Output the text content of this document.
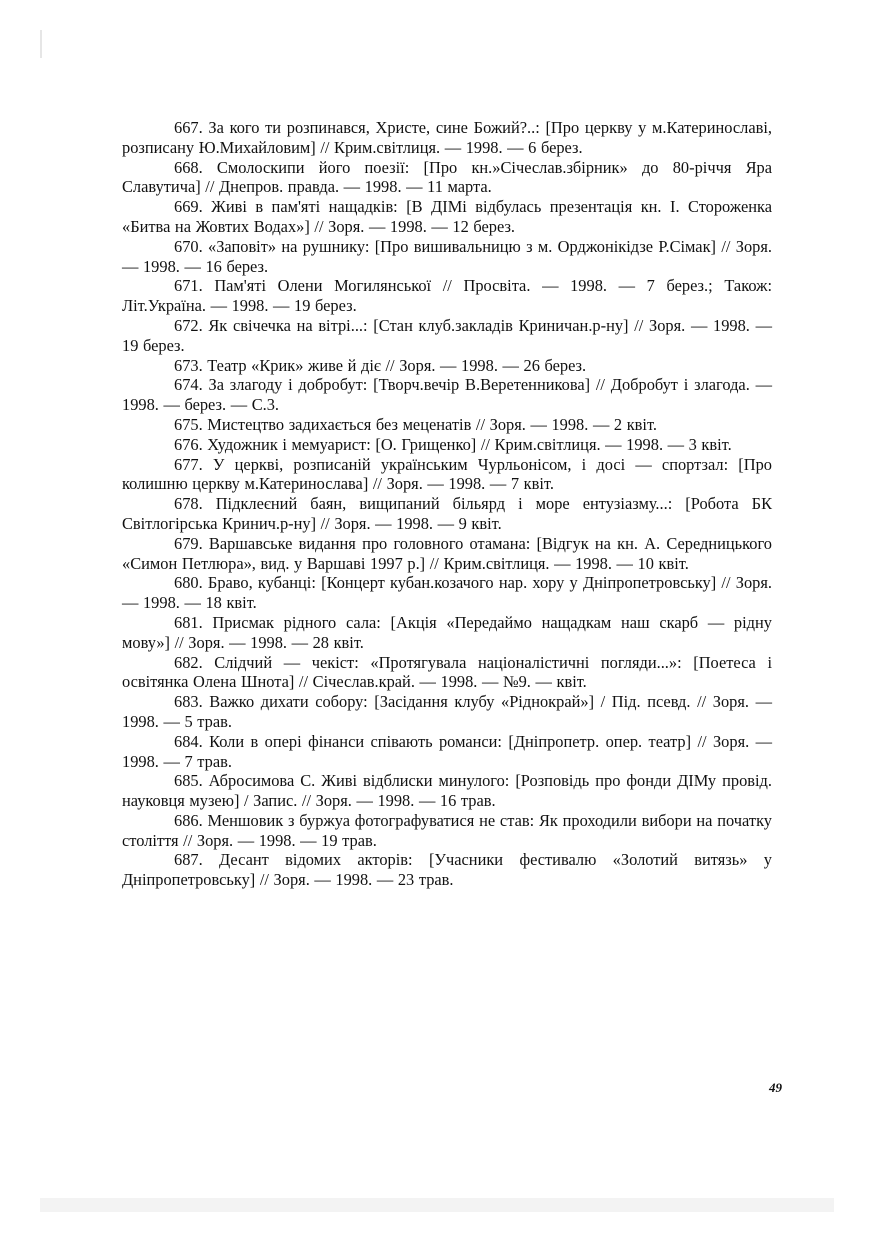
667. За кого ти розпинався, Христе, сине Божий?..: [Про церкву у м.Катеринославі, розписану Ю.Михайловим] // Крим.світлиця. — 1998. — 6 берез.

668. Смолоскипи його поезії: [Про кн.»Січеслав.збірник» до 80-річчя Яра Славутича] // Днепров. правда. — 1998. — 11 марта.

669. Живі в пам'яті нащадків: [В ДІМі відбулась презентація кн. І. Стороженка «Битва на Жовтих Водах»] // Зоря. — 1998. — 12 берез.

670. «Заповіт» на рушнику: [Про вишивальницю з м. Орджонікідзе Р.Сімак] // Зоря. — 1998. — 16 берез.

671. Пам'яті Олени Могилянської // Просвіта. — 1998. — 7 берез.; Також: Літ.Україна. — 1998. — 19 берез.

672. Як свічечка на вітрі...: [Стан клуб.закладів Криничан.р-ну] // Зоря. — 1998. — 19 берез.

673. Театр «Крик» живе й діє // Зоря. — 1998. — 26 берез.

674. За злагоду і добробут: [Творч.вечір В.Веретенникова] // Добробут і злагода. — 1998. — берез. — С.3.

675. Мистецтво задихається без меценатів // Зоря. — 1998. — 2 квіт.

676. Художник і мемуарист: [О. Грищенко] // Крим.світлиця. — 1998. — 3 квіт.

677. У церкві, розписаній українським Чурльонісом, і досі — спортзал: [Про колишню церкву м.Катеринослава] // Зоря. — 1998. — 7 квіт.

678. Підклеєний баян, вищипаний більярд і море ентузіазму...: [Робота БК Світлогірська Кринич.р-ну] // Зоря. — 1998. — 9 квіт.

679. Варшавське видання про головного отамана: [Відгук на кн. А. Середницького «Симон Петлюра», вид. у Варшаві 1997 р.] // Крим.світлиця. — 1998. — 10 квіт.

680. Браво, кубанці: [Концерт кубан.козачого нар. хору у Дніпропетровську] // Зоря. — 1998. — 18 квіт.

681. Присмак рідного сала: [Акція «Передаймо нащадкам наш скарб — рідну мову»] // Зоря. — 1998. — 28 квіт.

682. Слідчий — чекіст: «Протягувала націоналістичні погляди...»: [Поетеса і освітянка Олена Шнота] // Січеслав.край. — 1998. — №9. — квіт.

683. Важко дихати собору: [Засідання клубу «Ріднокрай»] / Під. псевд. // Зоря. — 1998. — 5 трав.

684. Коли в опері фінанси співають романси: [Дніпропетр. опер. театр] // Зоря. — 1998. — 7 трав.

685. Абросимова С. Живі відблиски минулого: [Розповідь про фонди ДІМу провід. науковця музею] / Запис. // Зоря. — 1998. — 16 трав.

686. Меншовик з буржуа фотографуватися не став: Як проходили вибори на початку століття // Зоря. — 1998. — 19 трав.

687. Десант відомих акторів: [Учасники фестивалю «Золотий витязь» у Дніпропетровську] // Зоря. — 1998. — 23 трав.

49
